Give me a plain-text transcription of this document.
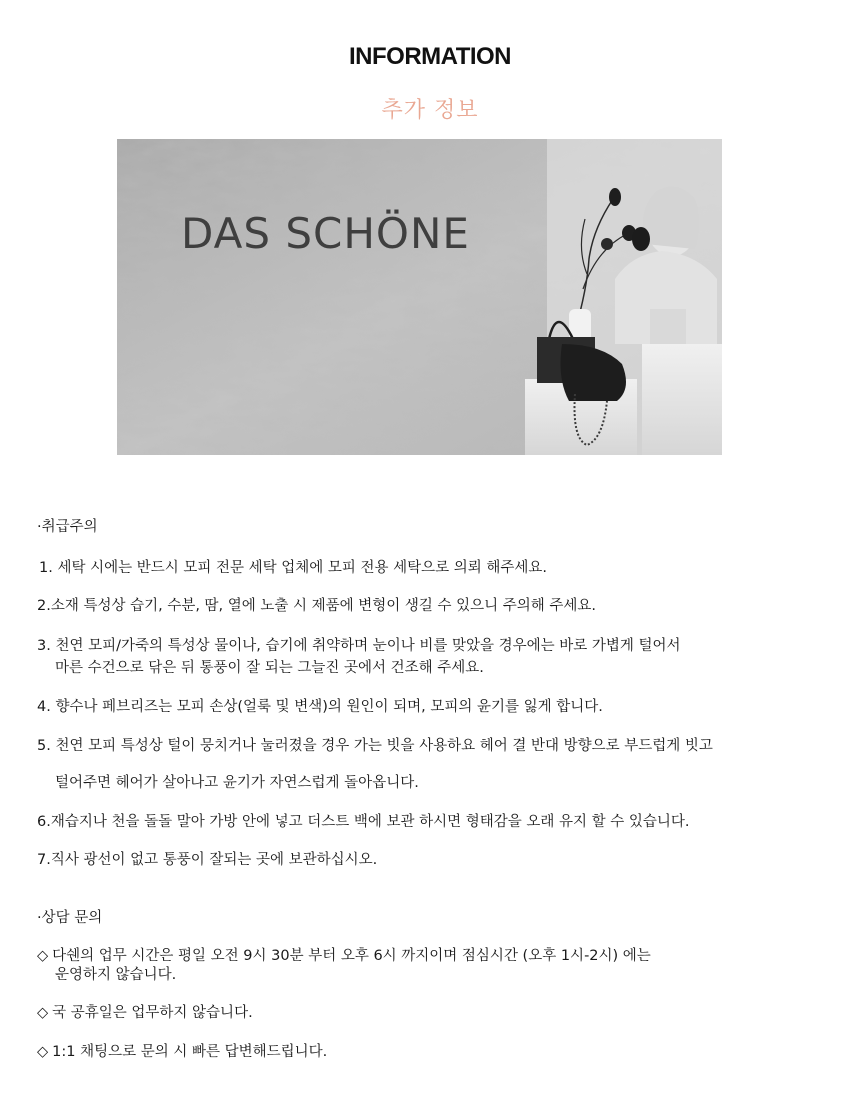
INFORMATION
추가 정보
DAS SCHÖNE
·취급주의
1. 세탁 시에는 반드시 모피 전문 세탁 업체에 모피 전용 세탁으로 의뢰 해주세요.
2.소재 특성상 습기, 수분, 땀, 열에 노출 시 제품에 변형이 생길 수 있으니 주의해 주세요.
3. 천연 모피/가죽의 특성상 물이나, 습기에 취약하며 눈이나 비를 맞았을 경우에는 바로 가볍게 털어서
마른 수건으로 닦은 뒤 통풍이 잘 되는 그늘진 곳에서 건조해 주세요.
4. 향수나 페브리즈는 모피 손상(얼룩 및 변색)의 원인이 되며, 모피의 윤기를 잃게 합니다.
5. 천연 모피 특성상 털이 뭉치거나 눌러졌을 경우 가는 빗을 사용하요 헤어 결 반대 방향으로 부드럽게 빗고
털어주면 헤어가 살아나고 윤기가 자연스럽게 돌아옵니다.
6.재습지나 천을 돌돌 말아 가방 안에 넣고 더스트 백에 보관 하시면 형태감을 오래 유지 할 수 있습니다.
7.직사 광선이 없고 통풍이 잘되는 곳에 보관하십시오.
·상담 문의
◇ 다쉔의 업무 시간은 평일 오전 9시 30분 부터 오후 6시 까지이며 점심시간 (오후 1시-2시) 에는
운영하지 않습니다.
◇ 국 공휴일은 업무하지 않습니다.
◇ 1:1 채팅으로 문의 시 빠른 답변해드립니다.
